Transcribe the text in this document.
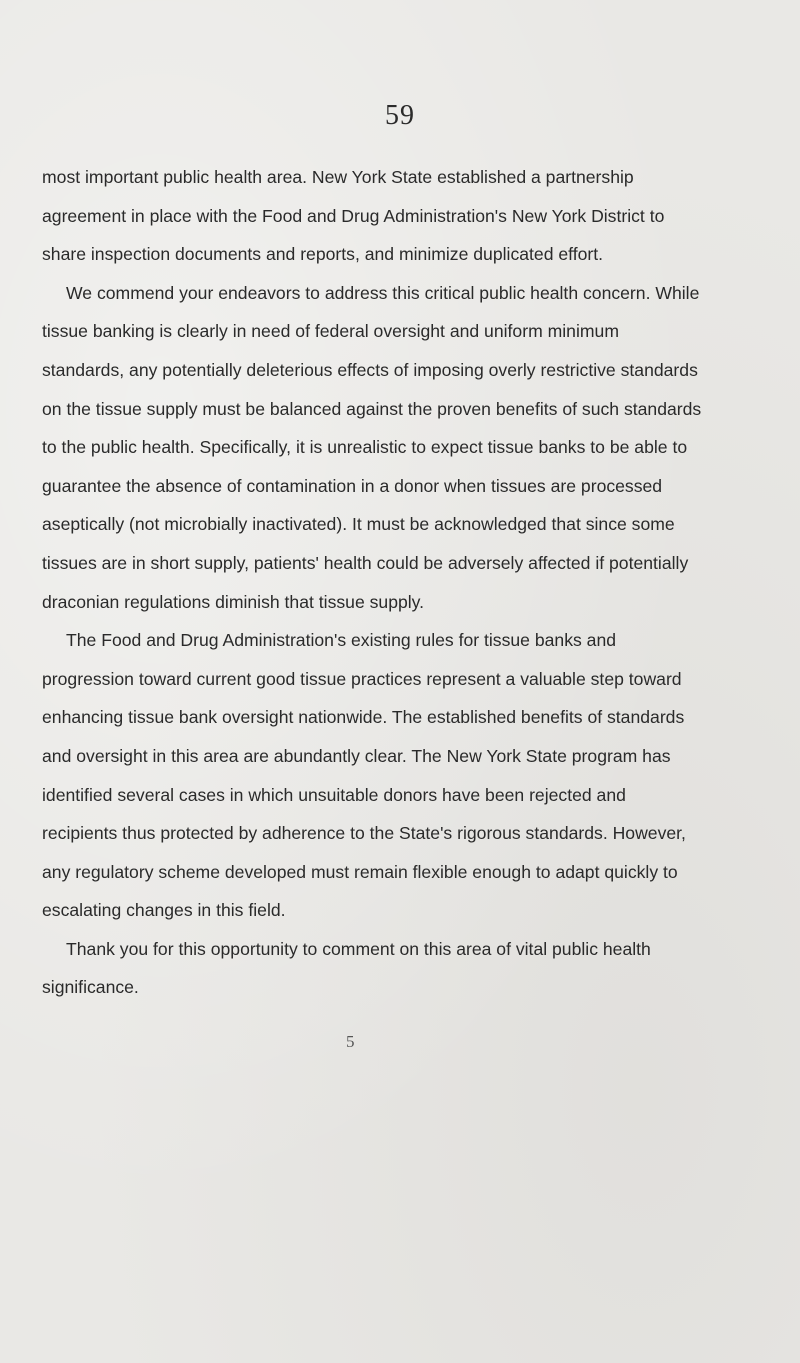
59

most important public health area. New York State established a partnership agreement in place with the Food and Drug Administration's New York District to share inspection documents and reports, and minimize duplicated effort.

We commend your endeavors to address this critical public health concern. While tissue banking is clearly in need of federal oversight and uniform minimum standards, any potentially deleterious effects of imposing overly restrictive standards on the tissue supply must be balanced against the proven benefits of such standards to the public health. Specifically, it is unrealistic to expect tissue banks to be able to guarantee the absence of contamination in a donor when tissues are processed aseptically (not microbially inactivated). It must be acknowledged that since some tissues are in short supply, patients' health could be adversely affected if potentially draconian regulations diminish that tissue supply.

The Food and Drug Administration's existing rules for tissue banks and progression toward current good tissue practices represent a valuable step toward enhancing tissue bank oversight nationwide. The established benefits of standards and oversight in this area are abundantly clear. The New York State program has identified several cases in which unsuitable donors have been rejected and recipients thus protected by adherence to the State's rigorous standards. However, any regulatory scheme developed must remain flexible enough to adapt quickly to escalating changes in this field.

Thank you for this opportunity to comment on this area of vital public health significance.

5
